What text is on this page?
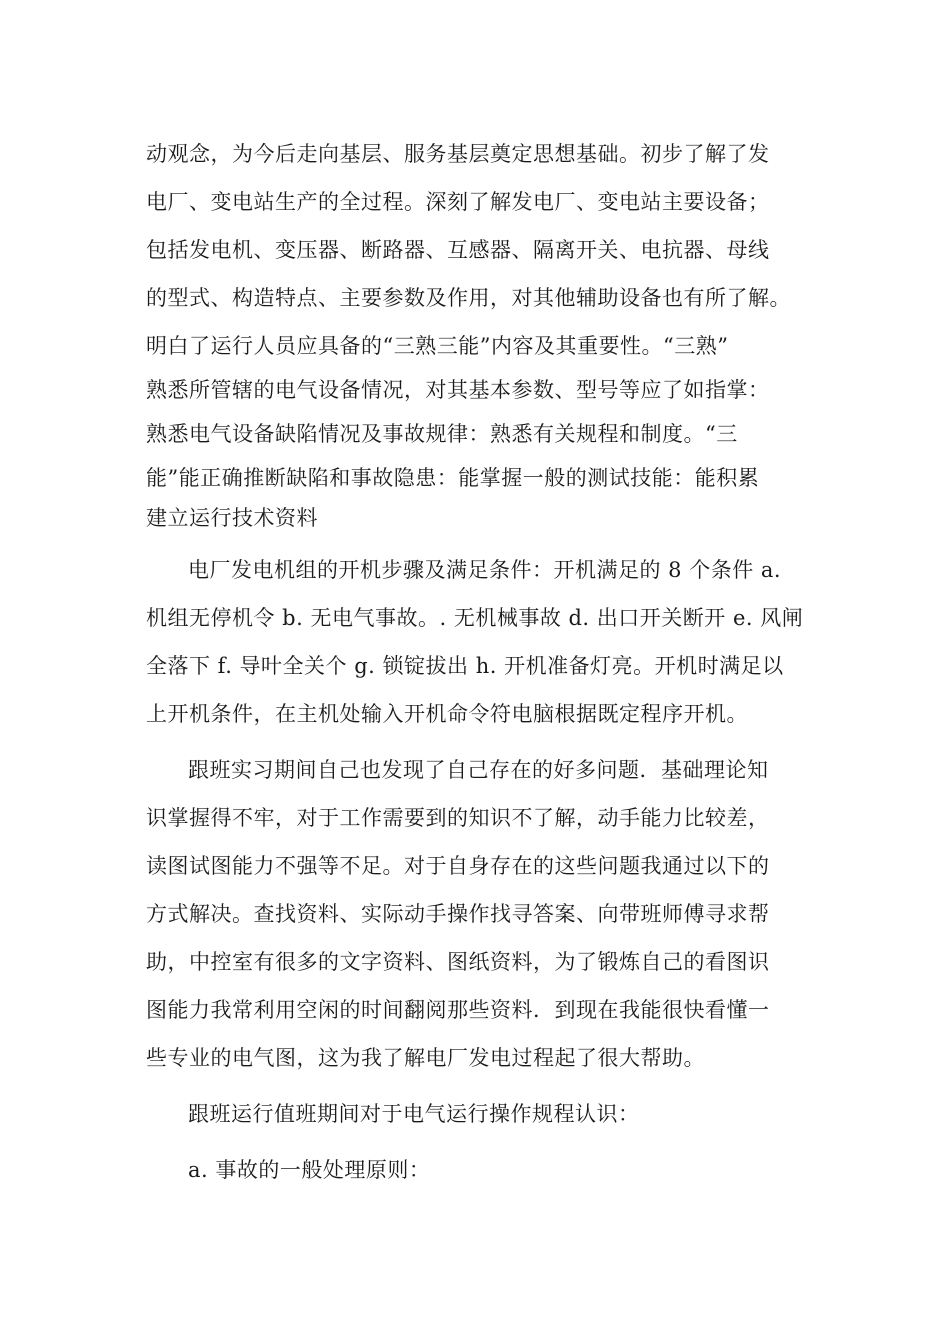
动观念，为今后走向基层、服务基层奠定思想基础。初步了解了发
电厂、变电站生产的全过程。深刻了解发电厂、变电站主要设备；
包括发电机、变压器、断路器、互感器、隔离开关、电抗器、母线
的型式、构造特点、主要参数及作用，对其他辅助设备也有所了解。
明白了运行人员应具备的“三熟三能”内容及其重要性。“三熟”
熟悉所管辖的电气设备情况，对其基本参数、型号等应了如指掌：
熟悉电气设备缺陷情况及事故规律：熟悉有关规程和制度。“三
能”能正确推断缺陷和事故隐患：能掌握一般的测试技能：能积累
建立运行技术资料
电厂发电机组的开机步骤及满足条件：开机满足的 8 个条件 a.
机组无停机令 b. 无电气事故。. 无机械事故 d. 出口开关断开 e. 风闸
全落下 f. 导叶全关个 g. 锁锭拔出 h. 开机准备灯亮。开机时满足以
上开机条件，在主机处输入开机命令符电脑根据既定程序开机。
跟班实习期间自己也发现了自己存在的好多问题．基础理论知
识掌握得不牢，对于工作需要到的知识不了解，动手能力比较差，
读图试图能力不强等不足。对于自身存在的这些问题我通过以下的
方式解决。查找资料、实际动手操作找寻答案、向带班师傅寻求帮
助，中控室有很多的文字资料、图纸资料，为了锻炼自己的看图识
图能力我常利用空闲的时间翻阅那些资料．到现在我能很快看懂一
些专业的电气图，这为我了解电厂发电过程起了很大帮助。
跟班运行值班期间对于电气运行操作规程认识：
a. 事故的一般处理原则：
